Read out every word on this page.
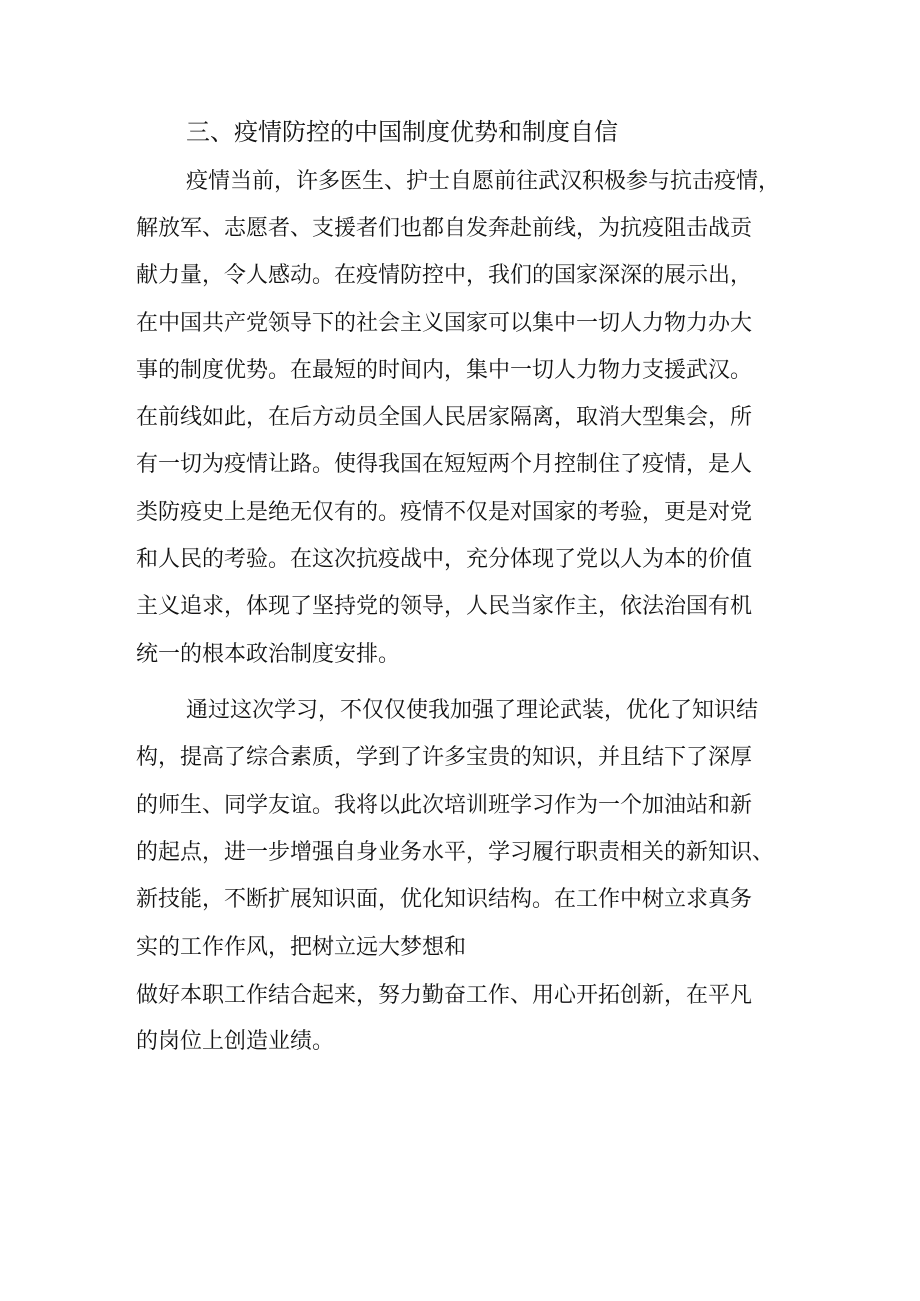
三、疫情防控的中国制度优势和制度自信

疫情当前，许多医生、护士自愿前往武汉积极参与抗击疫情，

解放军、志愿者、支援者们也都自发奔赴前线，为抗疫阻击战贡

献力量，令人感动。在疫情防控中，我们的国家深深的展示出，

在中国共产党领导下的社会主义国家可以集中一切人力物力办大

事的制度优势。在最短的时间内，集中一切人力物力支援武汉。

在前线如此，在后方动员全国人民居家隔离，取消大型集会，所

有一切为疫情让路。使得我国在短短两个月控制住了疫情，是人

类防疫史上是绝无仅有的。疫情不仅是对国家的考验，更是对党

和人民的考验。在这次抗疫战中，充分体现了党以人为本的价值

主义追求，体现了坚持党的领导，人民当家作主，依法治国有机

统一的根本政治制度安排。

通过这次学习，不仅仅使我加强了理论武装，优化了知识结

构，提高了综合素质，学到了许多宝贵的知识，并且结下了深厚

的师生、同学友谊。我将以此次培训班学习作为一个加油站和新

的起点，进一步增强自身业务水平，学习履行职责相关的新知识、

新技能，不断扩展知识面，优化知识结构。在工作中树立求真务

实的工作作风，把树立远大梦想和

做好本职工作结合起来，努力勤奋工作、用心开拓创新，在平凡

的岗位上创造业绩。
